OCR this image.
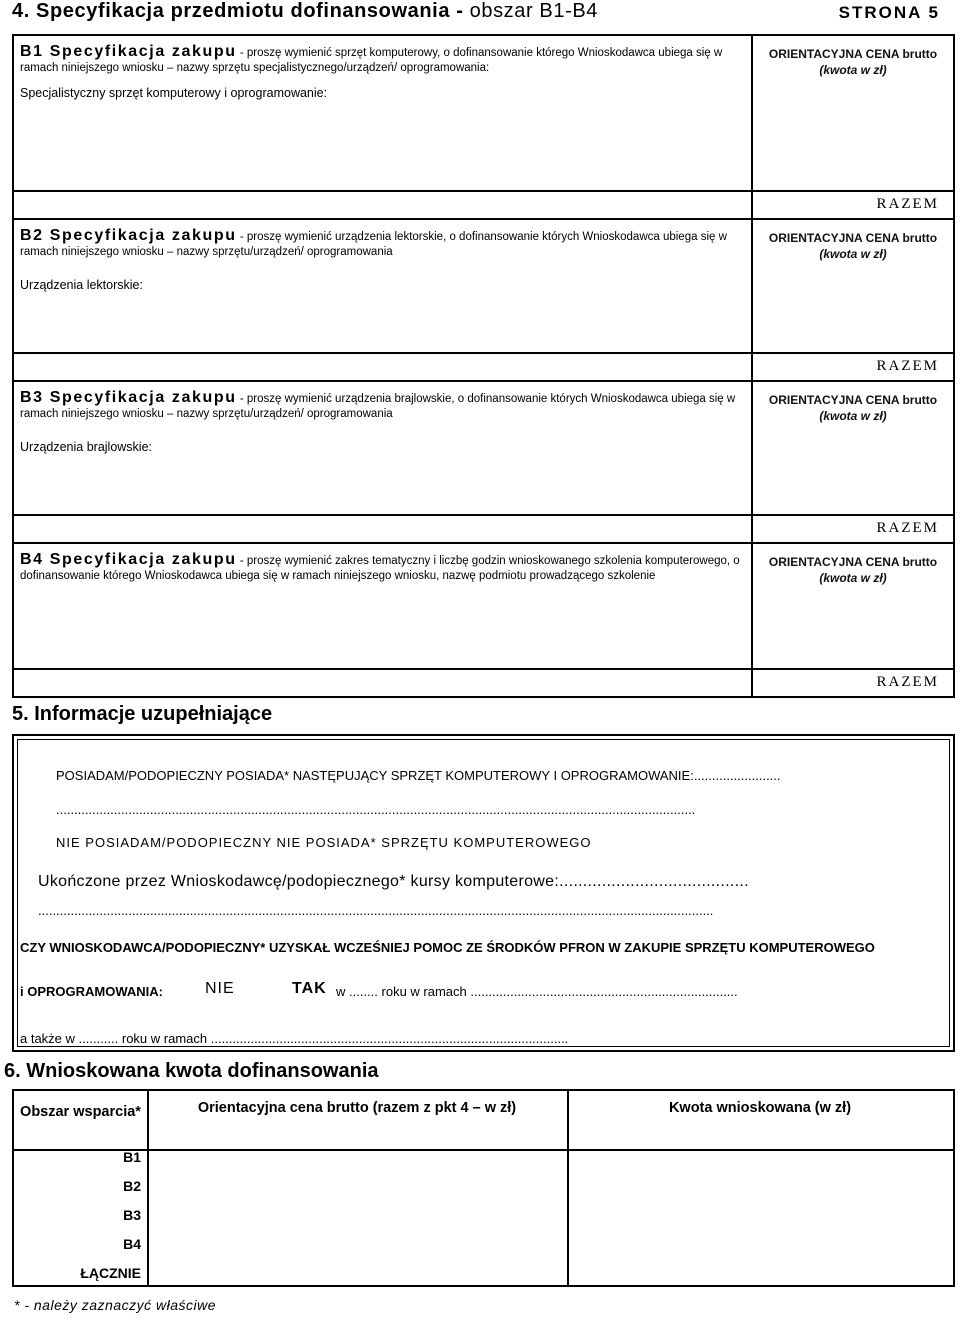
4. Specyfikacja przedmiotu dofinansowania - obszar B1-B4	STRONA 5
B1 Specyfikacja zakupu - proszę wymienić sprzęt komputerowy, o dofinansowanie którego Wnioskodawca ubiega się w ramach niniejszego wniosku – nazwy sprzętu specjalistycznego/urządzeń/ oprogramowania:
Specjalistyczny sprzęt komputerowy i oprogramowanie:
ORIENTACYJNA CENA brutto
(kwota w zł)
RAZEM
B2 Specyfikacja zakupu - proszę wymienić urządzenia lektorskie, o dofinansowanie których Wnioskodawca ubiega się w ramach niniejszego wniosku – nazwy sprzętu/urządzeń/ oprogramowania
Urządzenia lektorskie:
ORIENTACYJNA CENA brutto
(kwota w zł)
RAZEM
B3 Specyfikacja zakupu - proszę wymienić urządzenia brajlowskie, o dofinansowanie których Wnioskodawca ubiega się w ramach niniejszego wniosku – nazwy sprzętu/urządzeń/ oprogramowania
Urządzenia brajlowskie:
ORIENTACYJNA CENA brutto
(kwota w zł)
RAZEM
B4 Specyfikacja zakupu - proszę wymienić zakres tematyczny i liczbę godzin wnioskowanego szkolenia komputerowego, o dofinansowanie którego Wnioskodawca ubiega się w ramach niniejszego wniosku, nazwę podmiotu prowadzącego szkolenie
ORIENTACYJNA CENA brutto
(kwota w zł)
RAZEM
5. Informacje uzupełniające
POSIADAM/PODOPIECZNY POSIADA* NASTĘPUJĄCY SPRZĘT KOMPUTEROWY I OPROGRAMOWANIE:........................
.................................................................................................................................................................................
NIE POSIADAM/PODOPIECZNY NIE POSIADA* SPRZĘTU KOMPUTEROWEGO
Ukończone przez Wnioskodawcę/podopiecznego* kursy komputerowe:........................................
...........................................................................................................................................................................................
CZY WNIOSKODAWCA/PODOPIECZNY* UZYSKAŁ WCZEŚNIEJ POMOC ZE ŚRODKÓW PFRON W ZAKUPIE SPRZĘTU KOMPUTEROWEGO
i OPROGRAMOWANIA:	NIE	TAK w ........ roku w ramach ..........................................................................
a także w ........... roku w ramach ...................................................................................................
6. Wnioskowana kwota dofinansowania
Obszar wsparcia*	Orientacyjna cena brutto (razem z pkt 4 – w zł)	Kwota wnioskowana (w zł)
B1
B2
B3
B4
ŁĄCZNIE
* - należy zaznaczyć właściwe
